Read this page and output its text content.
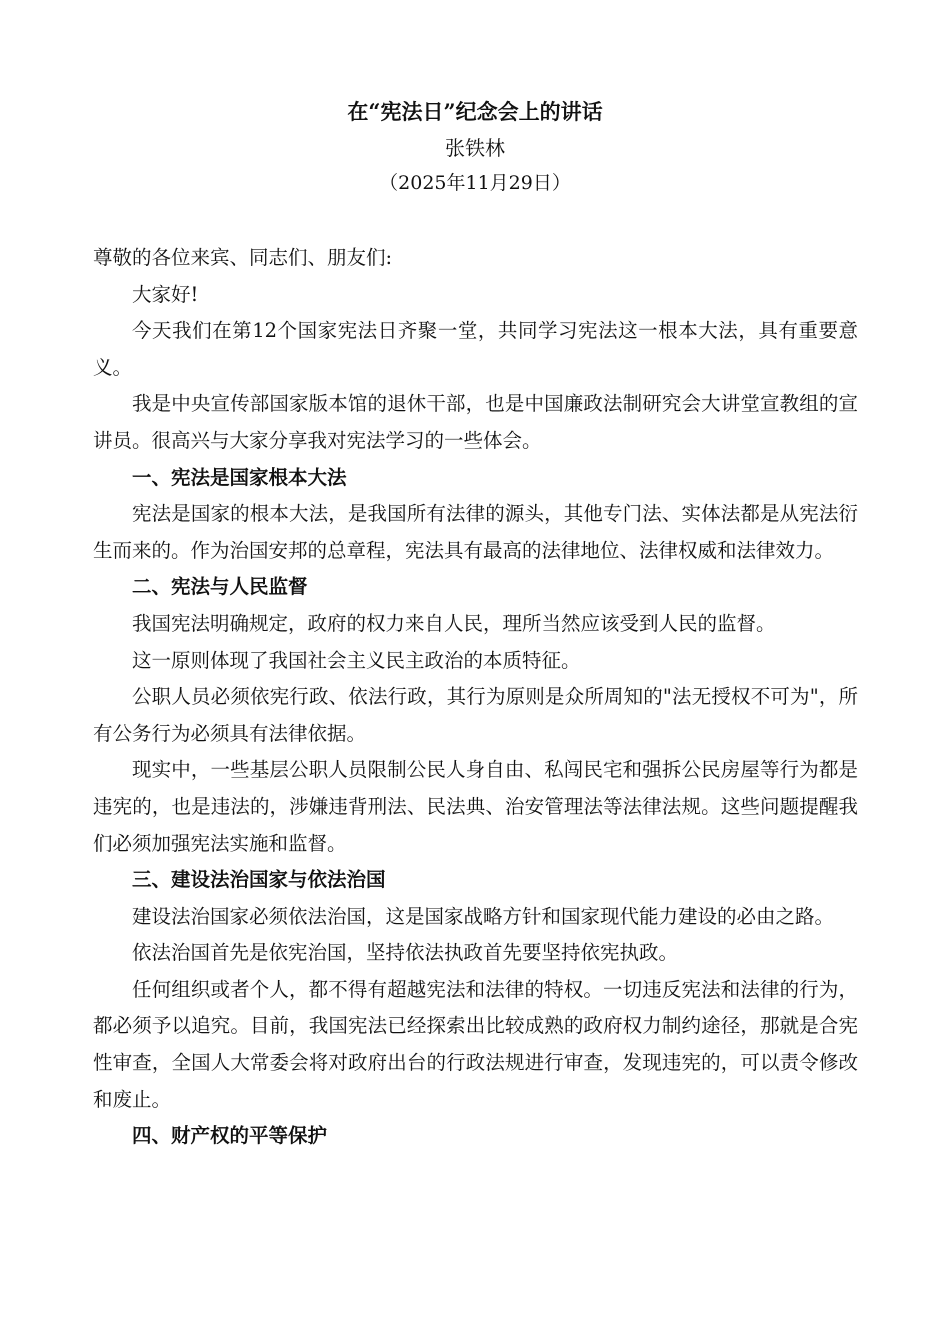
在“宪法日”纪念会上的讲话
张铁林
（2025年11月29日）

尊敬的各位来宾、同志们、朋友们:

大家好!

今天我们在第12个国家宪法日齐聚一堂，共同学习宪法这一根本大法，具有重要意义。

我是中央宣传部国家版本馆的退休干部，也是中国廉政法制研究会大讲堂宣教组的宣讲员。很高兴与大家分享我对宪法学习的一些体会。

一、宪法是国家根本大法

宪法是国家的根本大法，是我国所有法律的源头，其他专门法、实体法都是从宪法衍生而来的。作为治国安邦的总章程，宪法具有最高的法律地位、法律权威和法律效力。

二、宪法与人民监督

我国宪法明确规定，政府的权力来自人民，理所当然应该受到人民的监督。

这一原则体现了我国社会主义民主政治的本质特征。

公职人员必须依宪行政、依法行政，其行为原则是众所周知的"法无授权不可为"，所有公务行为必须具有法律依据。

现实中，一些基层公职人员限制公民人身自由、私闯民宅和强拆公民房屋等行为都是违宪的，也是违法的，涉嫌违背刑法、民法典、治安管理法等法律法规。这些问题提醒我们必须加强宪法实施和监督。

三、建设法治国家与依法治国

建设法治国家必须依法治国，这是国家战略方针和国家现代能力建设的必由之路。

依法治国首先是依宪治国，坚持依法执政首先要坚持依宪执政。

任何组织或者个人，都不得有超越宪法和法律的特权。一切违反宪法和法律的行为，都必须予以追究。目前，我国宪法已经探索出比较成熟的政府权力制约途径，那就是合宪性审查，全国人大常委会将对政府出台的行政法规进行审查，发现违宪的，可以责令修改和废止。

四、财产权的平等保护
